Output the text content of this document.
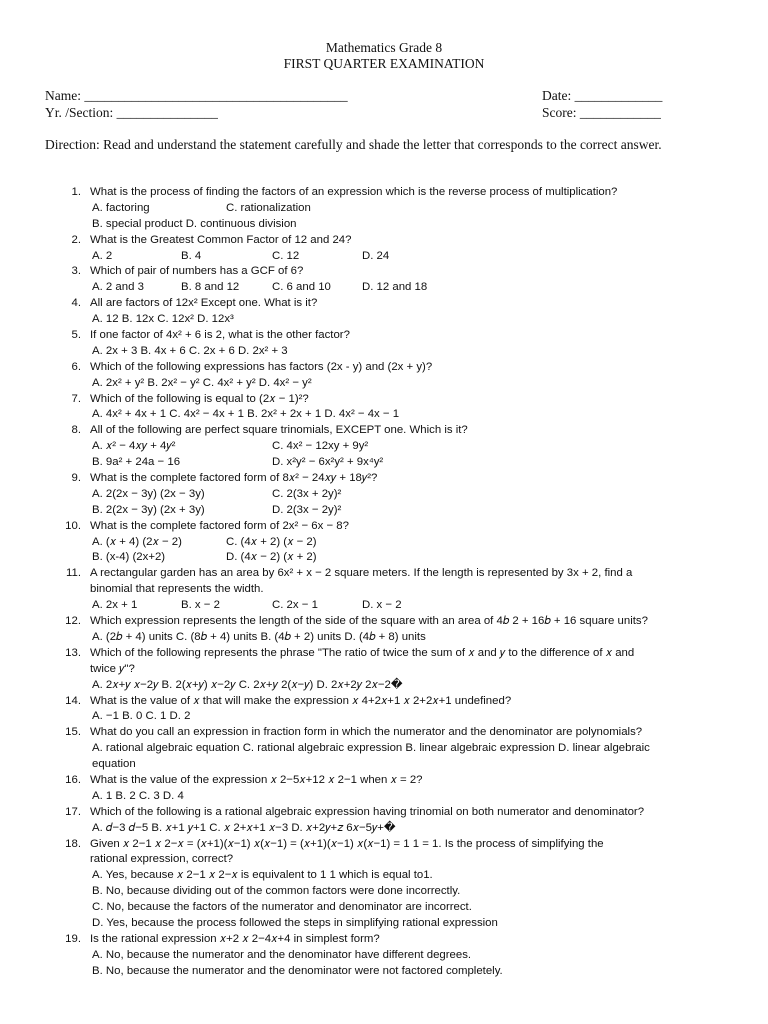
Mathematics Grade 8
FIRST QUARTER EXAMINATION
Name: _______________________________________	Date: _____________
Yr. /Section: _______________	Score: ____________
Direction: Read and understand the statement carefully and shade the letter that corresponds to the correct answer.
1. What is the process of finding the factors of an expression which is the reverse process of multiplication?
A. factoring	C. rationalization
B. special product D. continuous division
2. What is the Greatest Common Factor of 12 and 24?
A. 2	B. 4	C. 12	D. 24
3. Which of pair of numbers has a GCF of 6?
A. 2 and 3	B. 8 and 12	C. 6 and 10	D. 12 and 18
4. All are factors of 12x² Except one. What is it?
A. 12 B. 12x C. 12x² D. 12x³
5. If one factor of 4x² + 6 is 2, what is the other factor?
A. 2x + 3 B. 4x + 6 C. 2x + 6 D. 2x² + 3
6. Which of the following expressions has factors (2x - y) and (2x + y)?
A. 2x² + y² B. 2x² − y² C. 4x² + y² D. 4x² − y²
7. Which of the following is equal to (2𝑥 − 1)²?
A. 4x² + 4x + 1 C. 4x² − 4x + 1 B. 2x² + 2x + 1 D. 4x² − 4x − 1
8. All of the following are perfect square trinomials, EXCEPT one. Which is it?
A. 𝑥² − 4𝑥𝑦 + 4𝑦²	C. 4x² − 12xy + 9y²
B. 9a² + 24a − 16	D. x²y² − 6x²y² + 9x⁴y²
9. What is the complete factored form of 8𝑥² − 24𝑥𝑦 + 18𝑦²?
A. 2(2x − 3y) (2x − 3y)	C. 2(3x + 2y)²
B. 2(2x − 3y) (2x + 3y)	D. 2(3x − 2y)²
10. What is the complete factored form of 2x² − 6x − 8?
A. (𝑥 + 4) (2𝑥 − 2)	C. (4𝑥 + 2) (𝑥 − 2)
B. (x-4) (2x+2)	D. (4𝑥 − 2) (𝑥 + 2)
11. A rectangular garden has an area by 6x² + x − 2 square meters. If the length is represented by 3x + 2, find a
binomial that represents the width.
A. 2x + 1	B. x − 2	C. 2x − 1	D. x − 2
12. Which expression represents the length of the side of the square with an area of 4𝑏 2 + 16𝑏 + 16 square units?
A. (2𝑏 + 4) units C. (8𝑏 + 4) units B. (4𝑏 + 2) units D. (4𝑏 + 8) units
13. Which of the following represents the phrase "The ratio of twice the sum of 𝑥 and 𝑦 to the difference of 𝑥 and
twice 𝑦"?
A. 2𝑥+𝑦 𝑥−2𝑦 B. 2(𝑥+𝑦) 𝑥−2𝑦 C. 2𝑥+𝑦 2(𝑥−𝑦) D. 2𝑥+2𝑦 2𝑥−2�
14. What is the value of 𝑥 that will make the expression 𝑥 4+2𝑥+1 𝑥 2+2𝑥+1 undefined?
A. −1 B. 0 C. 1 D. 2
15. What do you call an expression in fraction form in which the numerator and the denominator are polynomials?
A. rational algebraic equation C. rational algebraic expression B. linear algebraic expression D. linear algebraic
equation
16. What is the value of the expression 𝑥 2−5𝑥+12 𝑥 2−1 when 𝑥 = 2?
A. 1 B. 2 C. 3 D. 4
17. Which of the following is a rational algebraic expression having trinomial on both numerator and denominator?
A. 𝑑−3 𝑑−5 B. 𝑥+1 𝑦+1 C. 𝑥 2+𝑥+1 𝑥−3 D. 𝑥+2𝑦+𝑧 6𝑥−5𝑦+�
18. Given 𝑥 2−1 𝑥 2−𝑥 = (𝑥+1)(𝑥−1) 𝑥(𝑥−1) = (𝑥+1)(𝑥−1) 𝑥(𝑥−1) = 1 1 = 1. Is the process of simplifying the
rational expression, correct?
A. Yes, because 𝑥 2−1 𝑥 2−𝑥 is equivalent to 1 1 which is equal to1.
B. No, because dividing out of the common factors were done incorrectly.
C. No, because the factors of the numerator and denominator are incorrect.
D. Yes, because the process followed the steps in simplifying rational expression
19. Is the rational expression 𝑥+2 𝑥 2−4𝑥+4 in simplest form?
A. No, because the numerator and the denominator have different degrees.
B. No, because the numerator and the denominator were not factored completely.
